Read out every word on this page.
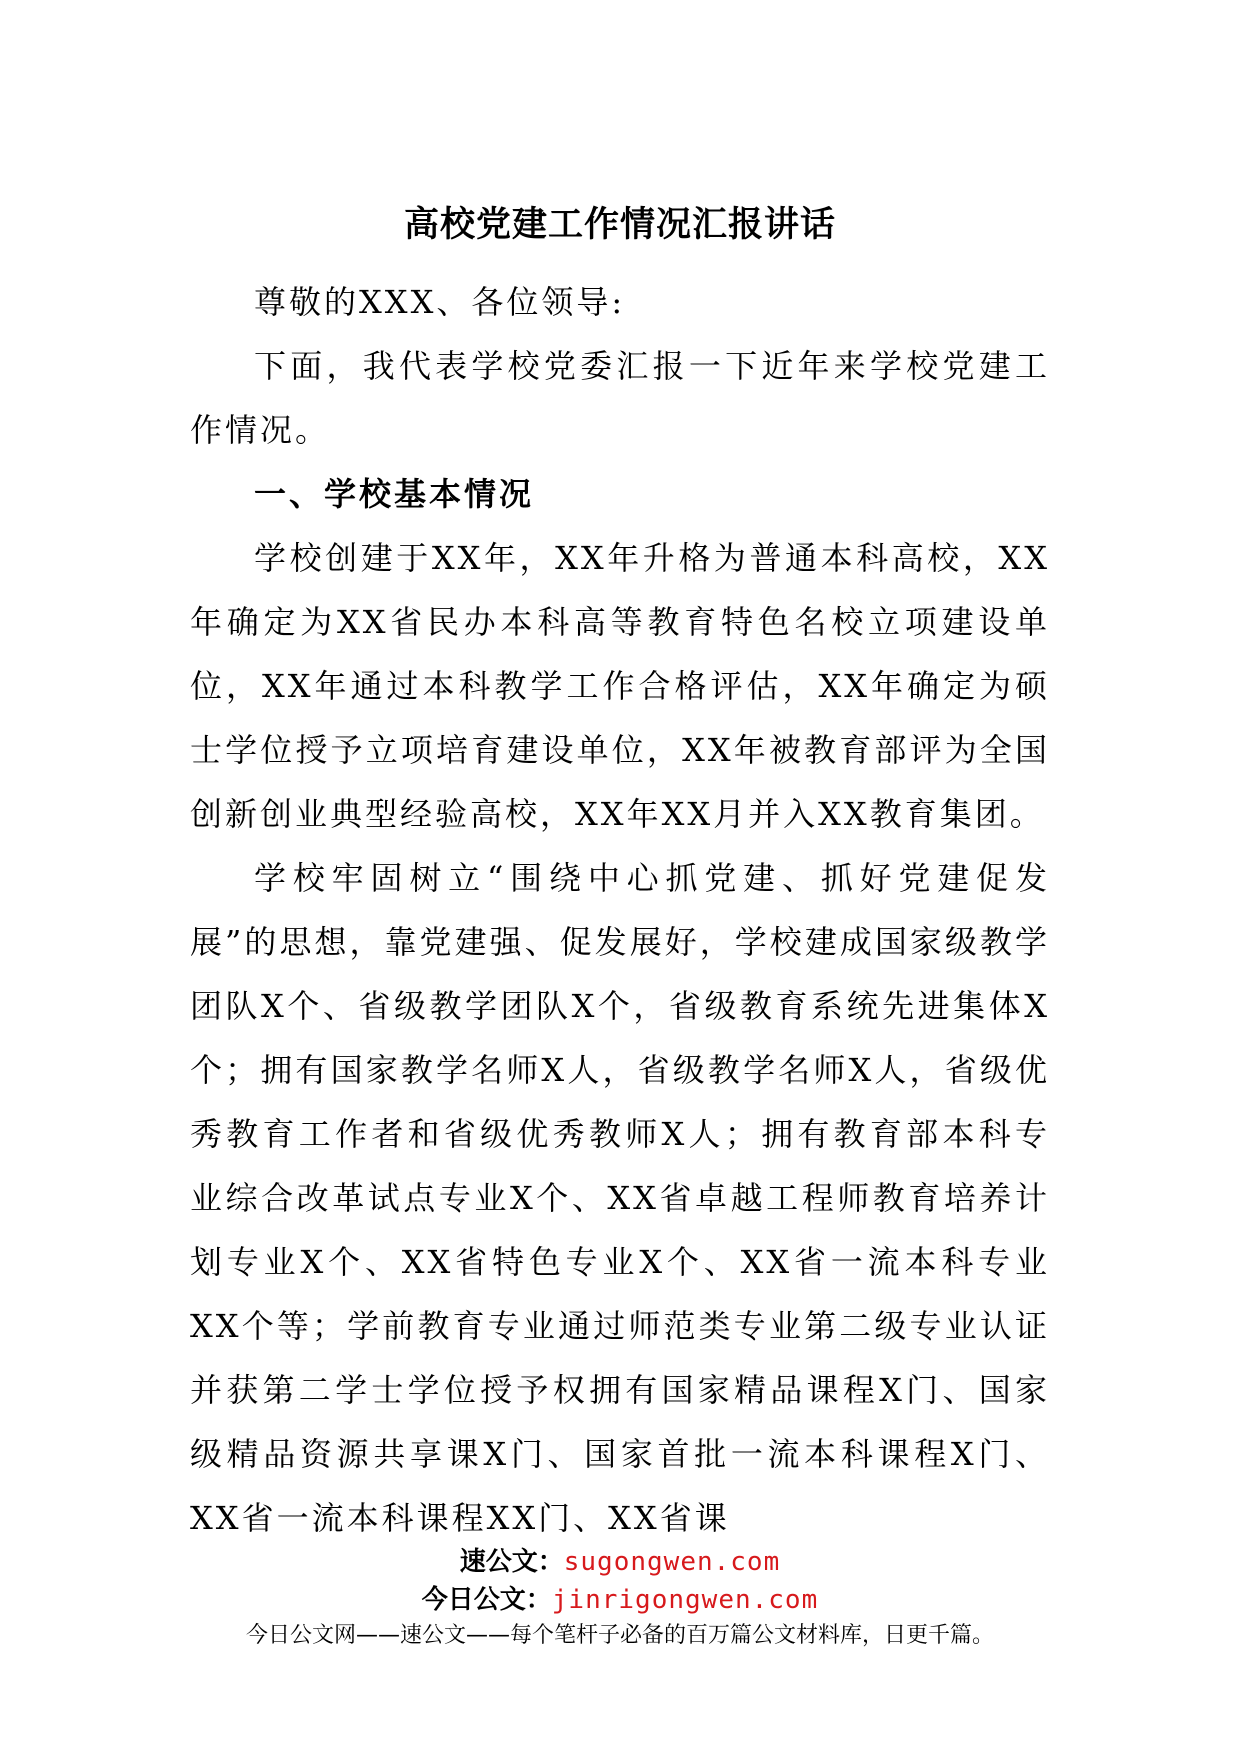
高校党建工作情况汇报讲话

尊敬的XXX、各位领导:

下面，我代表学校党委汇报一下近年来学校党建工作情况。

一、学校基本情况

学校创建于XX年，XX年升格为普通本科高校，XX年确定为XX省民办本科高等教育特色名校立项建设单位，XX年通过本科教学工作合格评估，XX年确定为硕士学位授予立项培育建设单位，XX年被教育部评为全国创新创业典型经验高校，XX年XX月并入XX教育集团。

学校牢固树立“围绕中心抓党建、抓好党建促发展”的思想，靠党建强、促发展好，学校建成国家级教学团队X个、省级教学团队X个，省级教育系统先进集体X个；拥有国家教学名师X人，省级教学名师X人，省级优秀教育工作者和省级优秀教师X人；拥有教育部本科专业综合改革试点专业X个、XX省卓越工程师教育培养计划专业X个、XX省特色专业X个、XX省一流本科专业XX个等；学前教育专业通过师范类专业第二级专业认证并获第二学士学位授予权拥有国家精品课程X门、国家级精品资源共享课X门、国家首批一流本科课程X门、XX省一流本科课程XX门、XX省课

速公文：sugongwen.com

今日公文：jinrigongwen.com

今日公文网——速公文——每个笔杆子必备的百万篇公文材料库，日更千篇。
